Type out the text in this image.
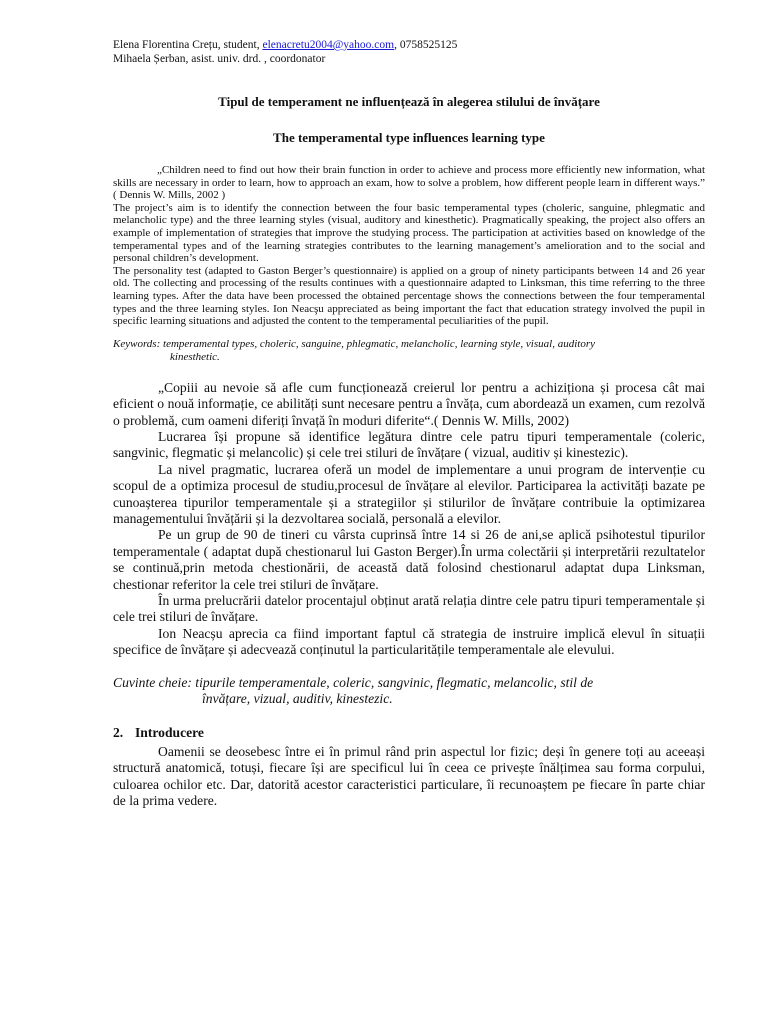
Elena Florentina Crețu, student, elenacretu2004@yahoo.com, 0758525125
Mihaela Șerban, asist. univ. drd. , coordonator
Tipul de temperament ne influențează în alegerea stilului de învățare
The temperamental type influences learning type

„Children need to find out how their brain function in order to achieve and process more efficiently new information, what skills are necessary in order to learn, how to approach an exam, how to solve a problem, how different people learn in different ways.” ( Dennis W. Mills, 2002 )

The project’s aim is to identify the connection between the four basic temperamental types (choleric, sanguine, phlegmatic and melancholic type) and the three learning styles (visual, auditory and kinesthetic). Pragmatically speaking, the project also offers an example of implementation of strategies that improve the studying process. The participation at activities based on knowledge of the temperamental types and of the learning strategies contributes to the learning management’s amelioration and to the social and personal children’s development.

The personality test (adapted to Gaston Berger’s questionnaire) is applied on a group of ninety participants between 14 and 26 year old. The collecting and processing of the results continues with a questionnaire adapted to Linksman, this time referring to the three learning types. After the data have been processed the obtained percentage shows the connections between the four temperamental types and the three learning styles. Ion Neacşu appreciated as being important the fact that education strategy involved the pupil in specific learning situations and adjusted the content to the temperamental peculiarities of the pupil.

Keywords: temperamental types, choleric, sanguine, phlegmatic, melancholic, learning style, visual, auditory
kinesthetic.

„Copiii au nevoie să afle cum funcționează creierul lor pentru a achiziționa și procesa cât mai eficient o nouă informație, ce abilități sunt necesare pentru a învăța, cum abordează un examen, cum rezolvă o problemă, cum oameni diferiți învață în moduri diferite“.( Dennis W. Mills, 2002)

Lucrarea își propune să identifice legătura dintre cele patru tipuri temperamentale (coleric, sangvinic, flegmatic și melancolic) și cele trei stiluri de învățare ( vizual, auditiv și kinestezic).

La nivel pragmatic, lucrarea oferă un model de implementare a unui program de intervenție cu scopul de a optimiza procesul de studiu,procesul de învățare al elevilor. Participarea la activități bazate pe cunoașterea tipurilor temperamentale și a strategiilor și stilurilor de învățare contribuie la optimizarea managementului învățării și la dezvoltarea socială, personală a elevilor.

Pe un grup de 90 de tineri cu vârsta cuprinsă între 14 si 26 de ani,se aplică psihotestul tipurilor temperamentale ( adaptat după chestionarul lui Gaston Berger).În urma colectării și interpretării rezultatelor se continuă,prin metoda chestionării, de această dată folosind chestionarul adaptat dupa Linksman, chestionar referitor la cele trei stiluri de învățare.

În urma prelucrării datelor procentajul obținut arată relația dintre cele patru tipuri temperamentale și cele trei stiluri de învățare.

Ion Neacșu aprecia ca fiind important faptul că strategia de instruire implică elevul în situații specifice de învățare și adecvează conținutul la particularitățile temperamentale ale elevului.

Cuvinte cheie: tipurile temperamentale, coleric, sangvinic, flegmatic, melancolic, stil de
învățare, vizual, auditiv, kinestezic.
2. Introducere

Oamenii se deosebesc între ei în primul rând prin aspectul lor fizic; deși în genere toți au aceeași structură anatomică, totuși, fiecare își are specificul lui în ceea ce privește înălțimea sau forma corpului, culoarea ochilor etc. Dar, datorită acestor caracteristici particulare, îi recunoaștem pe fiecare în parte chiar de la prima vedere.
